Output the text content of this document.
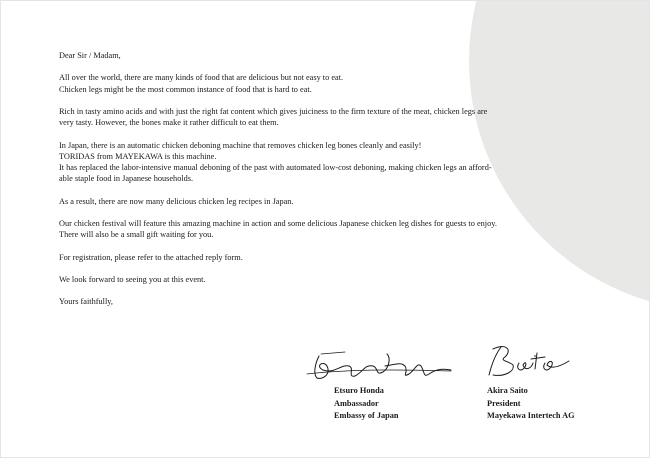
Dear Sir / Madam,

All over the world, there are many kinds of food that are delicious but not easy to eat.
Chicken legs might be the most common instance of food that is hard to eat.

Rich in tasty amino acids and with just the right fat content which gives juiciness to the firm texture of the meat, chicken legs are
very tasty. However, the bones make it rather difficult to eat them.

In Japan, there is an automatic chicken deboning machine that removes chicken leg bones cleanly and easily!
TORIDAS from MAYEKAWA is this machine.
It has replaced the labor-intensive manual deboning of the past with automated low-cost deboning, making chicken legs an afford-
able staple food in Japanese households.

As a result, there are now many delicious chicken leg recipes in Japan.

Our chicken festival will feature this amazing machine in action and some delicious Japanese chicken leg dishes for guests to enjoy.
There will also be a small gift waiting for you.

For registration, please refer to the attached reply form.

We look forward to seeing you at this event.

Yours faithfully,

Etsuro Honda
Ambassador
Embassy of Japan
Akira Saito
President
Mayekawa Intertech AG
